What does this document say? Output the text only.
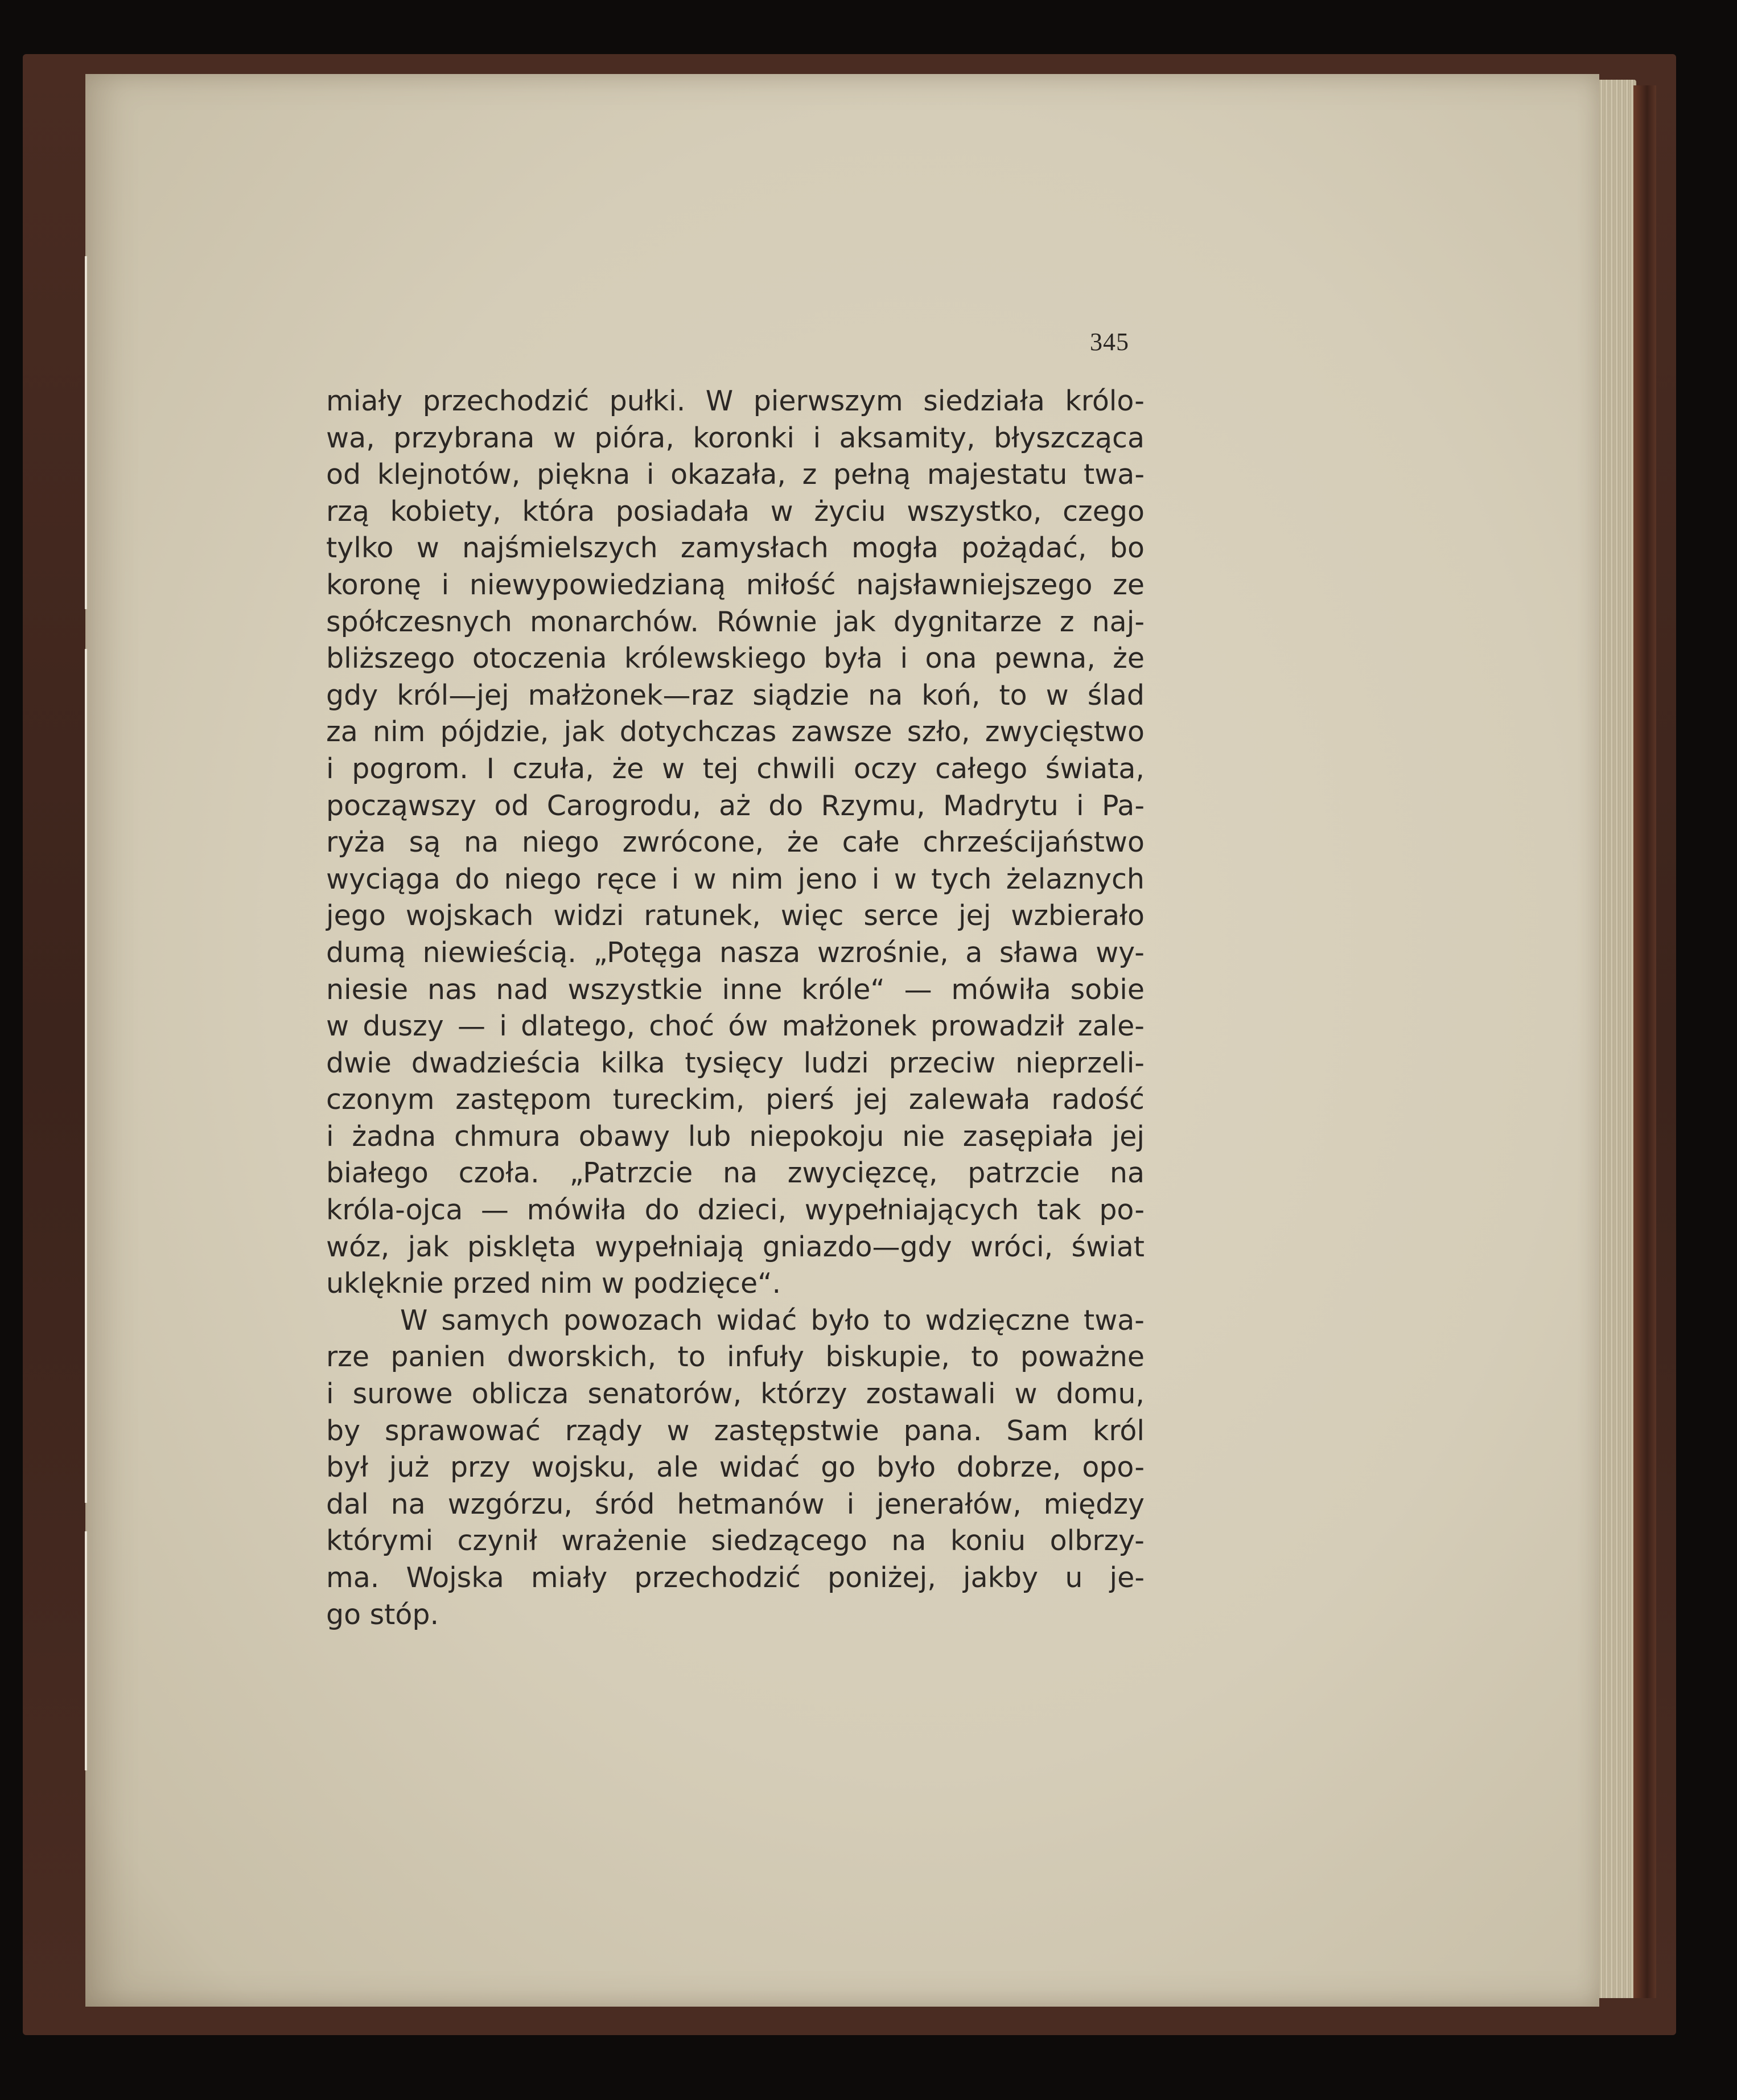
345
miały przechodzić pułki. W pierwszym siedziała królo-
wa, przybrana w pióra, koronki i aksamity, błyszcząca
od klejnotów, piękna i okazała, z pełną majestatu twa-
rzą kobiety, która posiadała w życiu wszystko, czego
tylko w najśmielszych zamysłach mogła pożądać, bo
koronę i niewypowiedzianą miłość najsławniejszego ze
spółczesnych monarchów. Równie jak dygnitarze z naj-
bliższego otoczenia królewskiego była i ona pewna, że
gdy król—jej małżonek—raz siądzie na koń, to w ślad
za nim pójdzie, jak dotychczas zawsze szło, zwycięstwo
i pogrom. I czuła, że w tej chwili oczy całego świata,
począwszy od Carogrodu, aż do Rzymu, Madrytu i Pa-
ryża są na niego zwrócone, że całe chrześcijaństwo
wyciąga do niego ręce i w nim jeno i w tych żelaznych
jego wojskach widzi ratunek, więc serce jej wzbierało
dumą niewieścią. „Potęga nasza wzrośnie, a sława wy-
niesie nas nad wszystkie inne króle“ — mówiła sobie
w duszy — i dlatego, choć ów małżonek prowadził zale-
dwie dwadzieścia kilka tysięcy ludzi przeciw nieprzeli-
czonym zastępom tureckim, pierś jej zalewała radość
i żadna chmura obawy lub niepokoju nie zasępiała jej
białego czoła. „Patrzcie na zwycięzcę, patrzcie na
króla-ojca — mówiła do dzieci, wypełniających tak po-
wóz, jak pisklęta wypełniają gniazdo—gdy wróci, świat
uklęknie przed nim w podzięce“.
W samych powozach widać było to wdzięczne twa-
rze panien dworskich, to infuły biskupie, to poważne
i surowe oblicza senatorów, którzy zostawali w domu,
by sprawować rządy w zastępstwie pana. Sam król
był już przy wojsku, ale widać go było dobrze, opo-
dal na wzgórzu, śród hetmanów i jenerałów, między
którymi czynił wrażenie siedzącego na koniu olbrzy-
ma. Wojska miały przechodzić poniżej, jakby u je-
go stóp.
